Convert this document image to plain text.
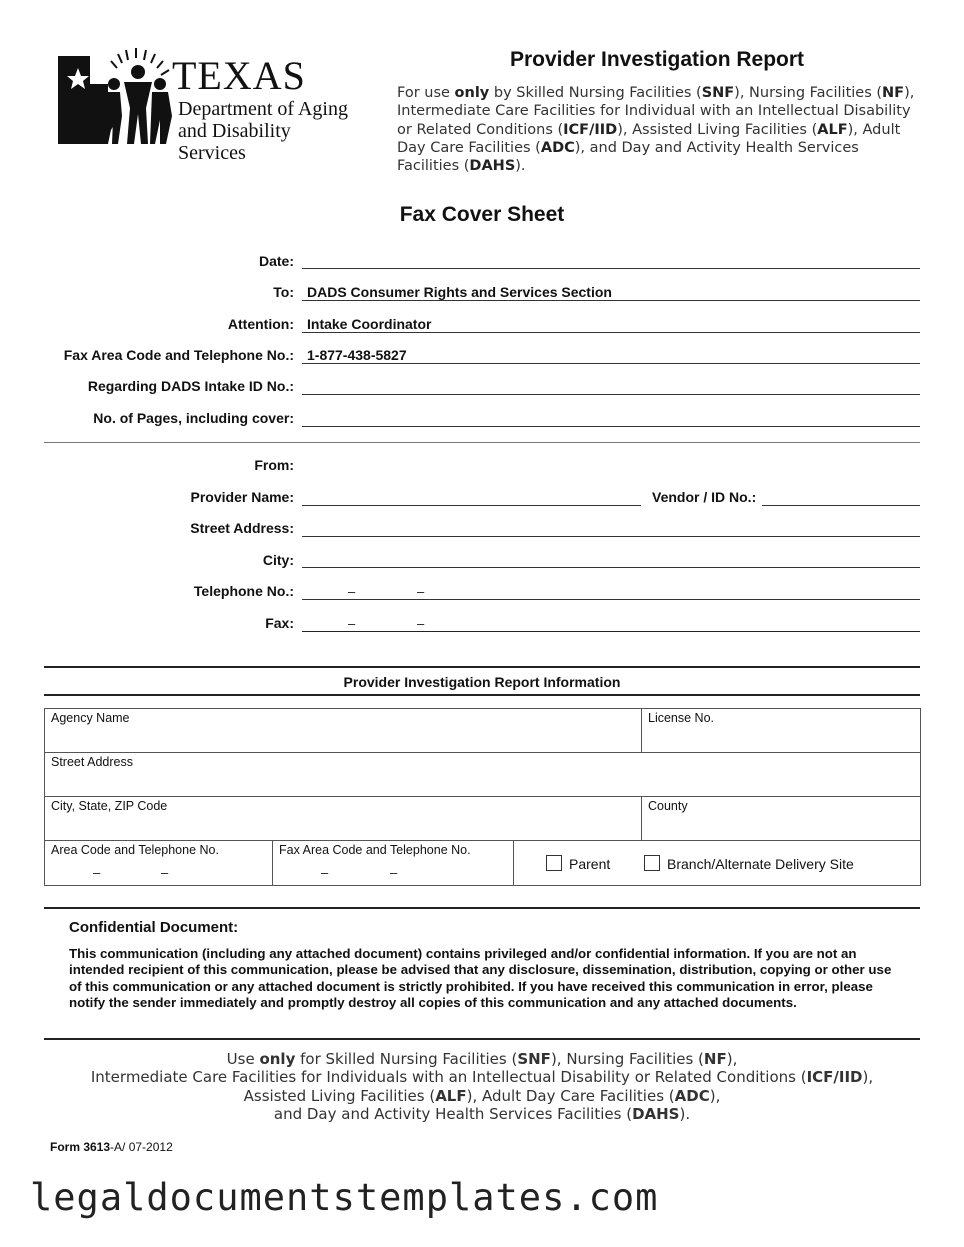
TEXAS
Department of Aging
and Disability Services
Provider Investigation Report
For use only by Skilled Nursing Facilities (SNF), Nursing Facilities (NF), Intermediate Care Facilities for Individual with an Intellectual Disability or Related Conditions (ICF/IID), Assisted Living Facilities (ALF), Adult Day Care Facilities (ADC), and Day and Activity Health Services Facilities (DAHS).
Fax Cover Sheet
Date:
To: DADS Consumer Rights and Services Section
Attention: Intake Coordinator
Fax Area Code and Telephone No.: 1-877-438-5827
Regarding DADS Intake ID No.:
No. of Pages, including cover:
From:
Provider Name:	Vendor / ID No.:
Street Address:
City:
Telephone No.:	–	–
Fax:	–	–
Provider Investigation Report Information
Agency Name	License No.
Street Address
City, State, ZIP Code	County
Area Code and Telephone No.
–	–
Fax Area Code and Telephone No.
–	–
Parent	Branch/Alternate Delivery Site
Confidential Document:
This communication (including any attached document) contains privileged and/or confidential information. If you are not an intended recipient of this communication, please be advised that any disclosure, dissemination, distribution, copying or other use of this communication or any attached document is strictly prohibited. If you have received this communication in error, please notify the sender immediately and promptly destroy all copies of this communication and any attached documents.
Use only for Skilled Nursing Facilities (SNF), Nursing Facilities (NF),
Intermediate Care Facilities for Individuals with an Intellectual Disability or Related Conditions (ICF/IID),
Assisted Living Facilities (ALF), Adult Day Care Facilities (ADC),
and Day and Activity Health Services Facilities (DAHS).
Form 3613-A/ 07-2012
legaldocumentstemplates.com
